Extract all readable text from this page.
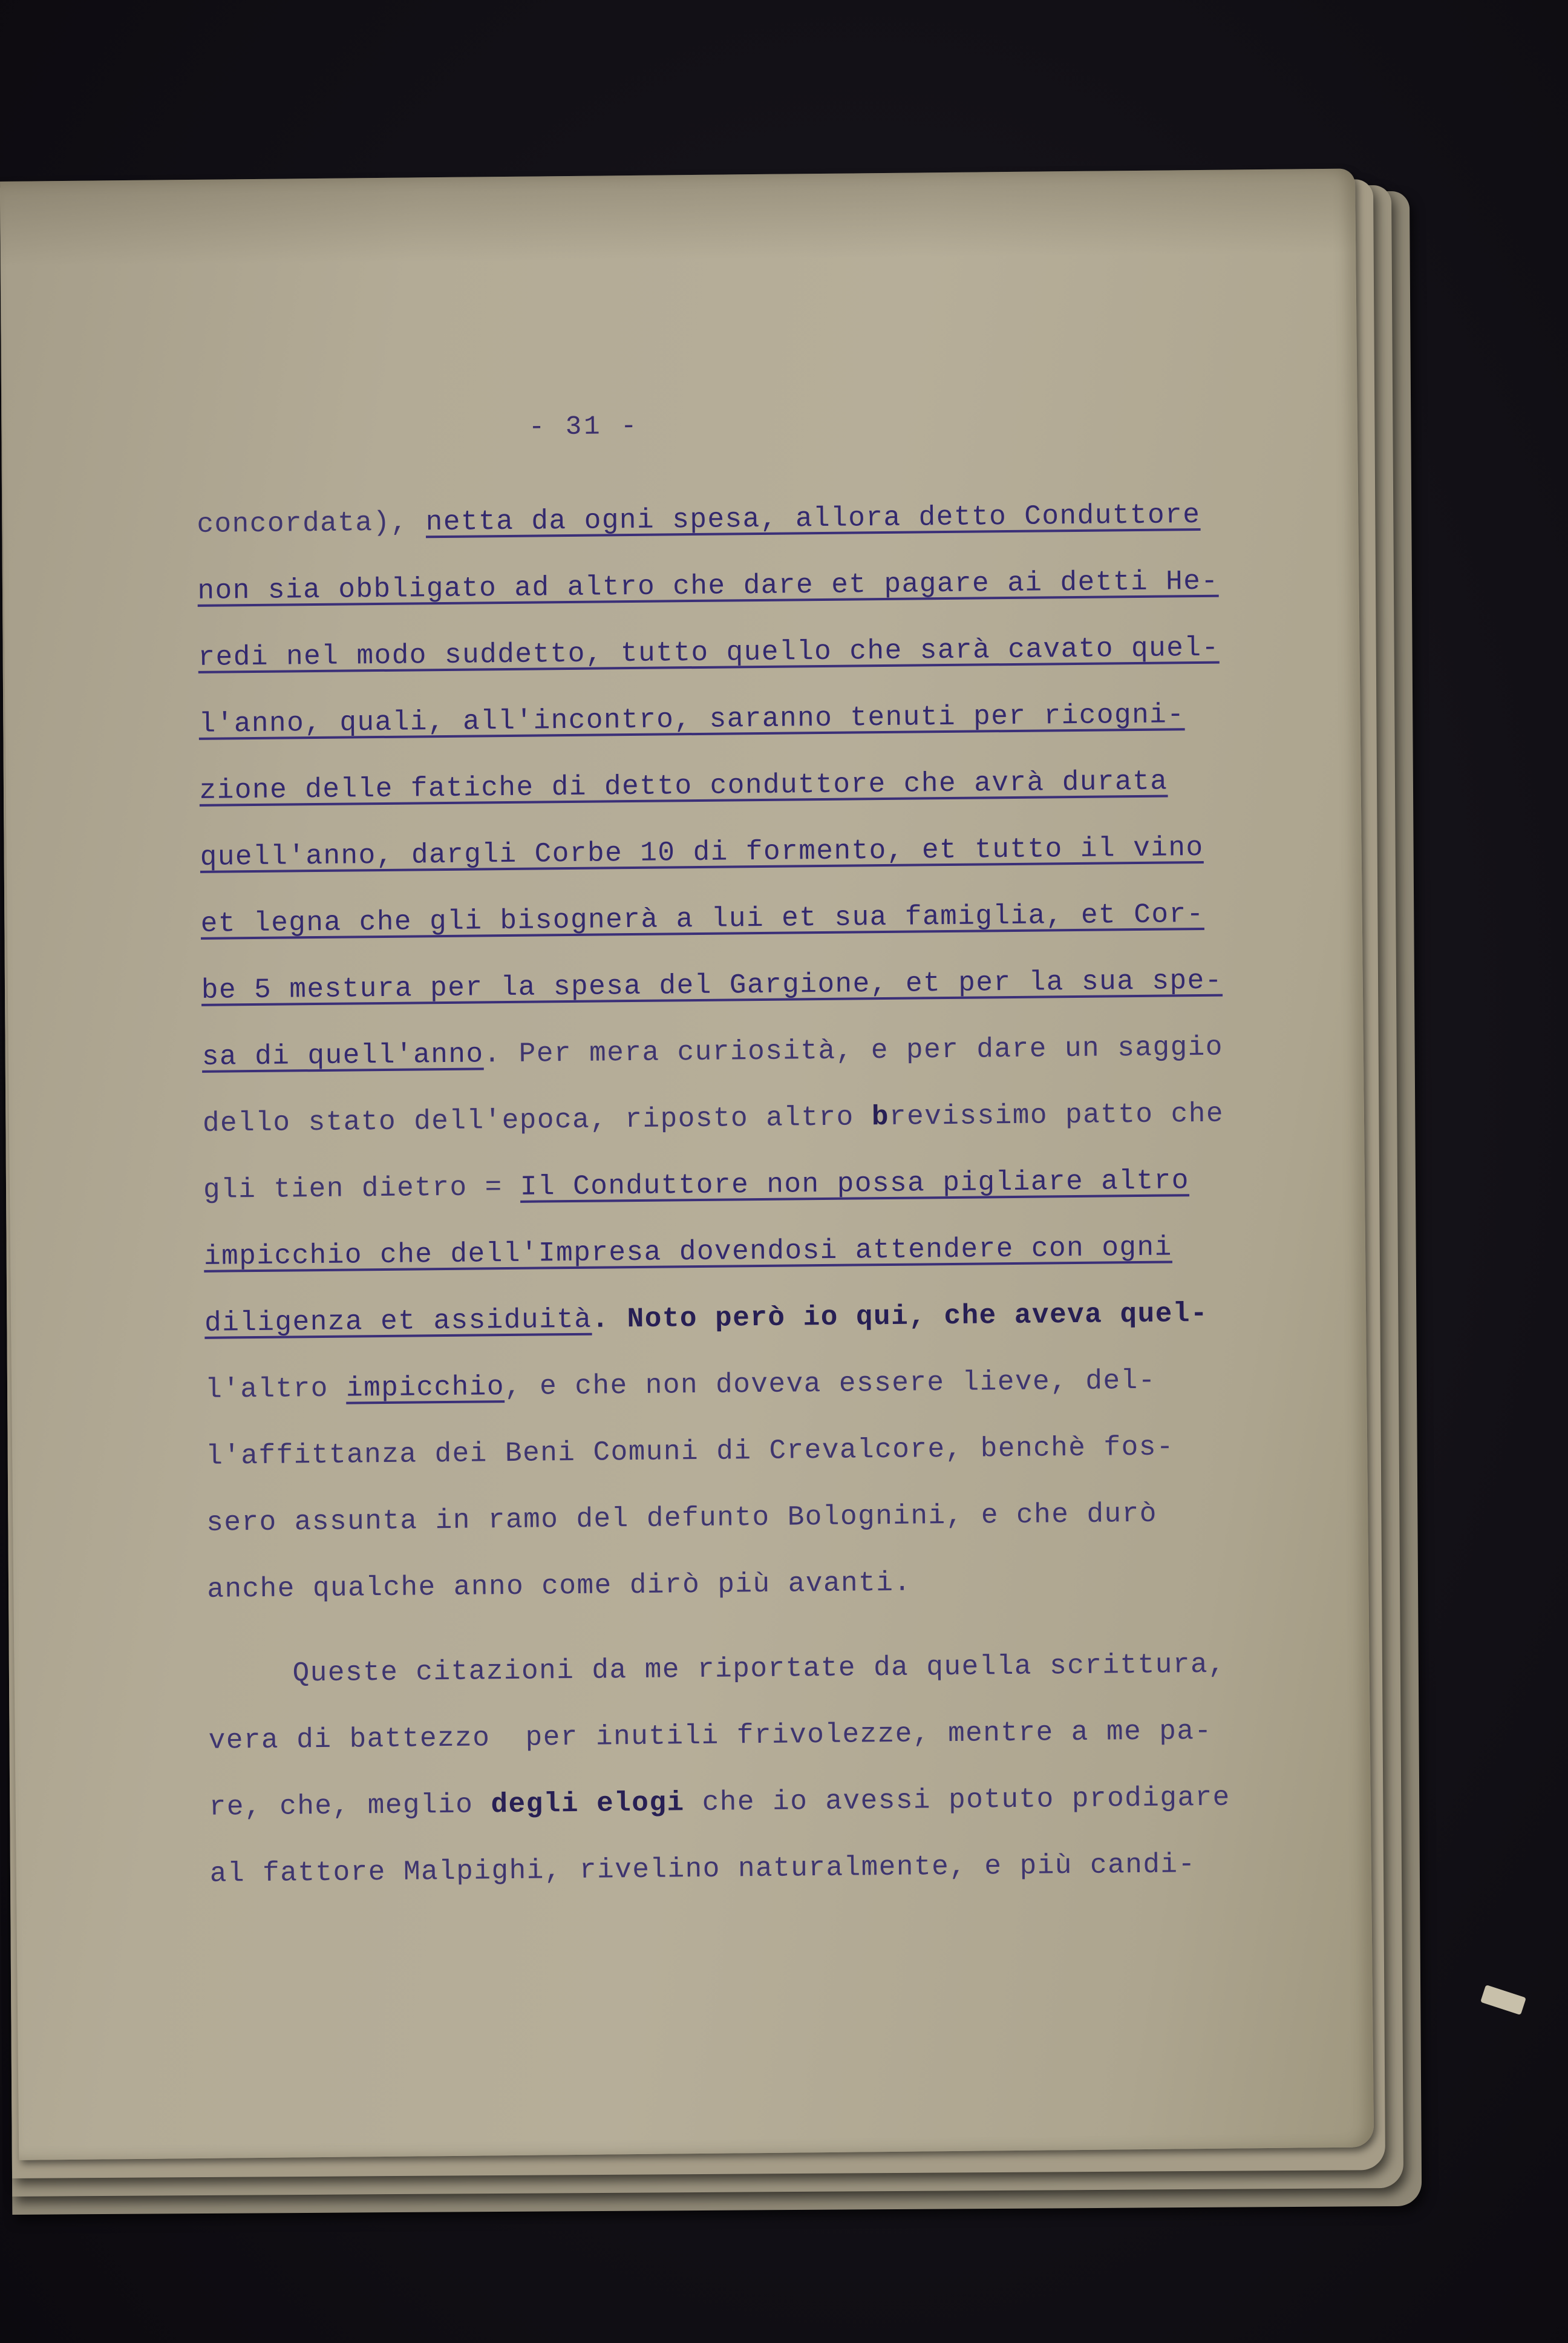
- 31 -
concordata), netta da ogni spesa, allora detto Conduttore
non sia obbligato ad altro che dare et pagare ai detti He-
redi nel modo suddetto, tutto quello che sarà cavato quel-
l'anno, quali, all'incontro, saranno tenuti per ricogni-
zione delle fatiche di detto conduttore che avrà durata
quell'anno, dargli Corbe 10 di formento, et tutto il vino
et legna che gli bisognerà a lui et sua famiglia, et Cor-
be 5 mestura per la spesa del Gargione, et per la sua spe-
sa di quell'anno. Per mera curiosità, e per dare un saggio
dello stato dell'epoca, riposto altro brevissimo patto che
gli tien dietro = Il Conduttore non possa pigliare altro
impicchio che dell'Impresa dovendosi attendere con ogni
diligenza et assiduità. Noto però io qui, che aveva quel-
l'altro impicchio, e che non doveva essere lieve, del-
l'affittanza dei Beni Comuni di Crevalcore, benchè fos-
sero assunta in ramo del defunto Bolognini, e che durò
anche qualche anno come dirò più avanti.
Queste citazioni da me riportate da quella scrittura,
vera di battezzo  per inutili frivolezze, mentre a me pa-
re, che, meglio degli elogi che io avessi potuto prodigare
al fattore Malpighi, rivelino naturalmente, e più candi-
